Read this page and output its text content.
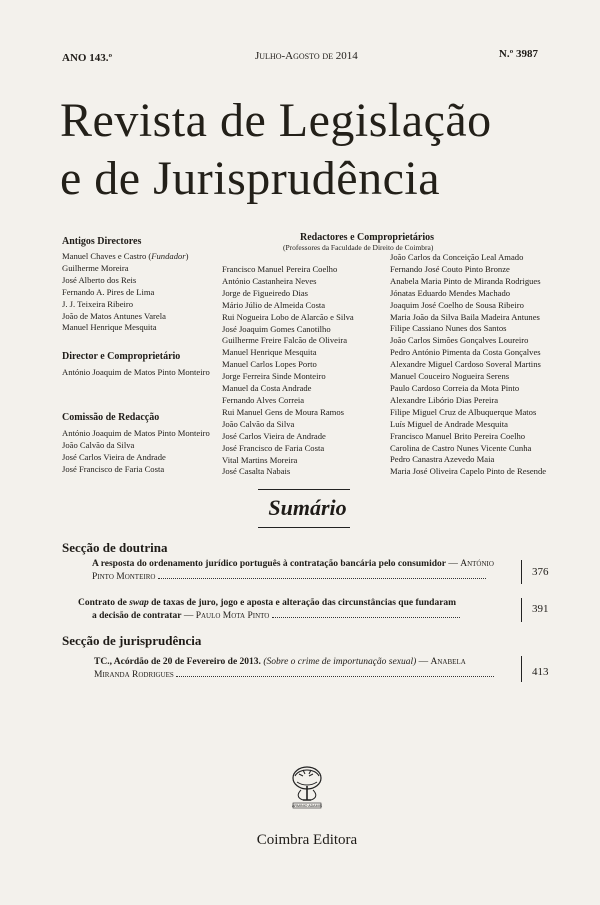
ANO 143.º	Julho-Agosto de 2014	N.º 3987
Revista de Legislação
e de Jurisprudência
Antigos Directores
Manuel Chaves e Castro (Fundador)
Guilherme Moreira
José Alberto dos Reis
Fernando A. Pires de Lima
J. J. Teixeira Ribeiro
João de Matos Antunes Varela
Manuel Henrique Mesquita
Director e Comproprietário
António Joaquim de Matos Pinto Monteiro
Comissão de Redacção
António Joaquim de Matos Pinto Monteiro
João Calvão da Silva
José Carlos Vieira de Andrade
José Francisco de Faria Costa
Redactores e Comproprietários
(Professores da Faculdade de Direito de Coimbra)
Francisco Manuel Pereira Coelho
António Castanheira Neves
Jorge de Figueiredo Dias
Mário Júlio de Almeida Costa
Rui Nogueira Lobo de Alarcão e Silva
José Joaquim Gomes Canotilho
Guilherme Freire Falcão de Oliveira
Manuel Henrique Mesquita
Manuel Carlos Lopes Porto
Jorge Ferreira Sinde Monteiro
Manuel da Costa Andrade
Fernando Alves Correia
Rui Manuel Gens de Moura Ramos
João Calvão da Silva
José Carlos Vieira de Andrade
José Francisco de Faria Costa
Vital Martins Moreira
José Casalta Nabais
João Carlos da Conceição Leal Amado
Fernando José Couto Pinto Bronze
Anabela Maria Pinto de Miranda Rodrigues
Jónatas Eduardo Mendes Machado
Joaquim José Coelho de Sousa Ribeiro
Maria João da Silva Baila Madeira Antunes
Filipe Cassiano Nunes dos Santos
João Carlos Simões Gonçalves Loureiro
Pedro António Pimenta da Costa Gonçalves
Alexandre Miguel Cardoso Soveral Martins
Manuel Couceiro Nogueira Serens
Paulo Cardoso Correia da Mota Pinto
Alexandre Libório Dias Pereira
Filipe Miguel Cruz de Albuquerque Matos
Luís Miguel de Andrade Mesquita
Francisco Manuel Brito Pereira Coelho
Carolina de Castro Nunes Vicente Cunha
Pedro Canastra Azevedo Maia
Maria José Oliveira Capelo Pinto de Resende
Sumário
Secção de doutrina
A resposta do ordenamento jurídico português à contratação bancária pelo consumidor — António
Pinto Monteiro	376
Contrato de swap de taxas de juro, jogo e aposta e alteração das circunstâncias que fundaram
a decisão de contratar — Paulo Mota Pinto
391
Secção de jurisprudência
TC., Acórdão de 20 de Fevereiro de 2013. (Sobre o crime de importunação sexual) — Anabela
Miranda Rodrigues	413
ARMINIO ADAMIS
Coimbra Editora
